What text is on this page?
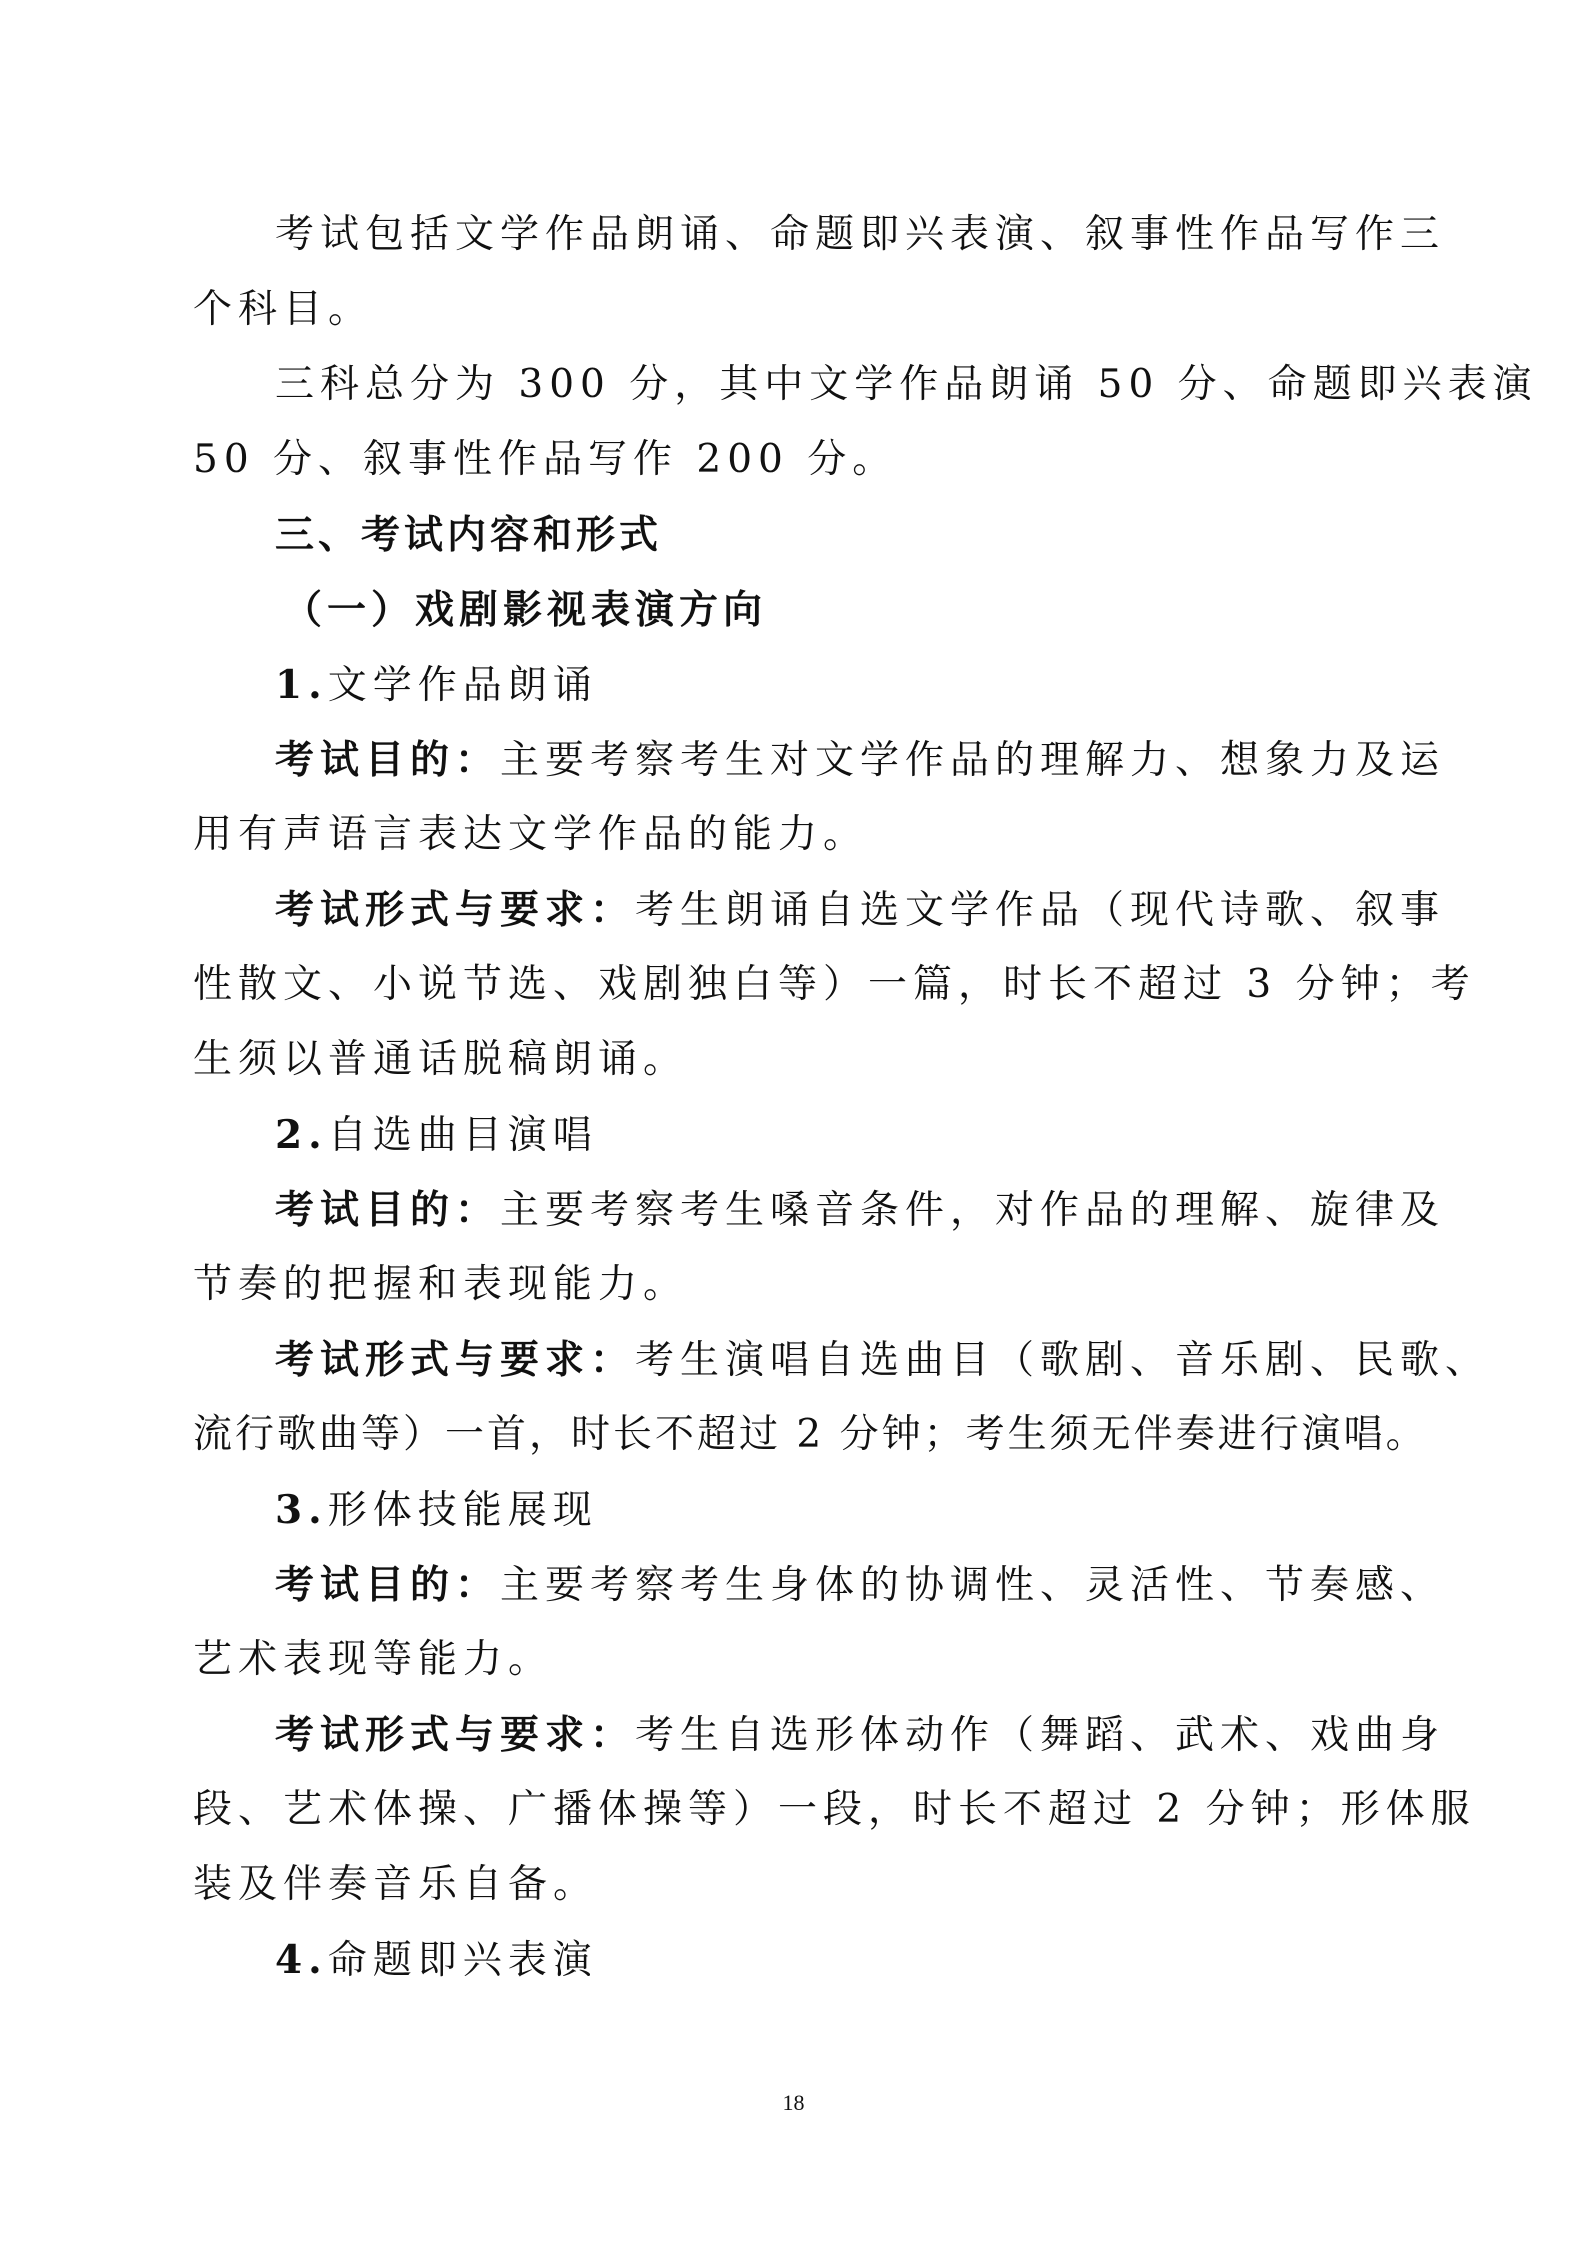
考试包括文学作品朗诵、命题即兴表演、叙事性作品写作三
个科目。
三科总分为 300 分，其中文学作品朗诵 50 分、命题即兴表演
50 分、叙事性作品写作 200 分。
三、考试内容和形式
（一）戏剧影视表演方向
1.文学作品朗诵
考试目的：主要考察考生对文学作品的理解力、想象力及运
用有声语言表达文学作品的能力。
考试形式与要求：考生朗诵自选文学作品（现代诗歌、叙事
性散文、小说节选、戏剧独白等）一篇，时长不超过 3 分钟；考
生须以普通话脱稿朗诵。
2.自选曲目演唱
考试目的：主要考察考生嗓音条件，对作品的理解、旋律及
节奏的把握和表现能力。
考试形式与要求：考生演唱自选曲目（歌剧、音乐剧、民歌、
流行歌曲等）一首，时长不超过 2 分钟；考生须无伴奏进行演唱。
3.形体技能展现
考试目的：主要考察考生身体的协调性、灵活性、节奏感、
艺术表现等能力。
考试形式与要求：考生自选形体动作（舞蹈、武术、戏曲身
段、艺术体操、广播体操等）一段，时长不超过 2 分钟；形体服
装及伴奏音乐自备。
4.命题即兴表演
18
